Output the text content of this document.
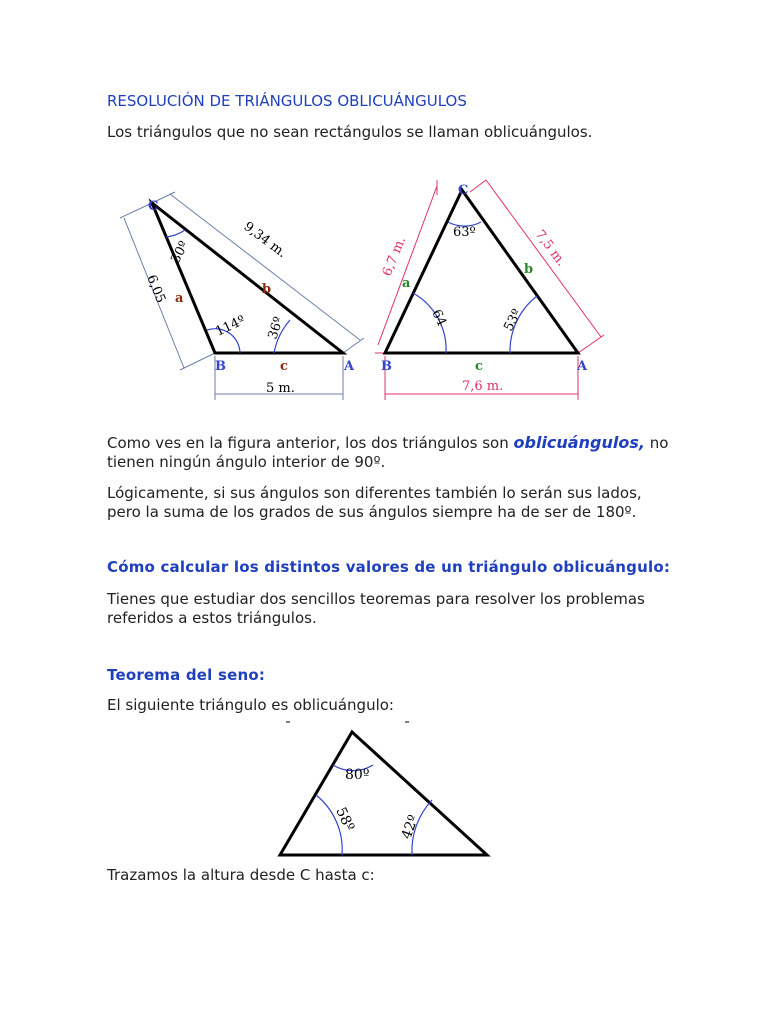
RESOLUCIÓN DE TRIÁNGULOS OBLICUÁNGULOS
Los triángulos que no sean rectángulos se llaman oblicuángulos.
C
B	A
a
b
c
9,34 m.
6,05
5 m.
30º
114º 36º
C
B	A
a
b
c
6,7 m.	7,5 m.
7,6 m.
63º
64	53º
Como ves en la figura anterior, los dos triángulos son oblicuángulos, no
tienen ningún ángulo interior de 90º.
Lógicamente, si sus ángulos son diferentes también lo serán sus lados,
pero la suma de los grados de sus ángulos siempre ha de ser de 180º.
Cómo calcular los distintos valores de un triángulo oblicuángulo:
Tienes que estudiar dos sencillos teoremas para resolver los problemas
referidos a estos triángulos.
Teorema del seno:
El siguiente triángulo es oblicuángulo:
80º
58º	42º
Trazamos la altura desde C hasta c:
